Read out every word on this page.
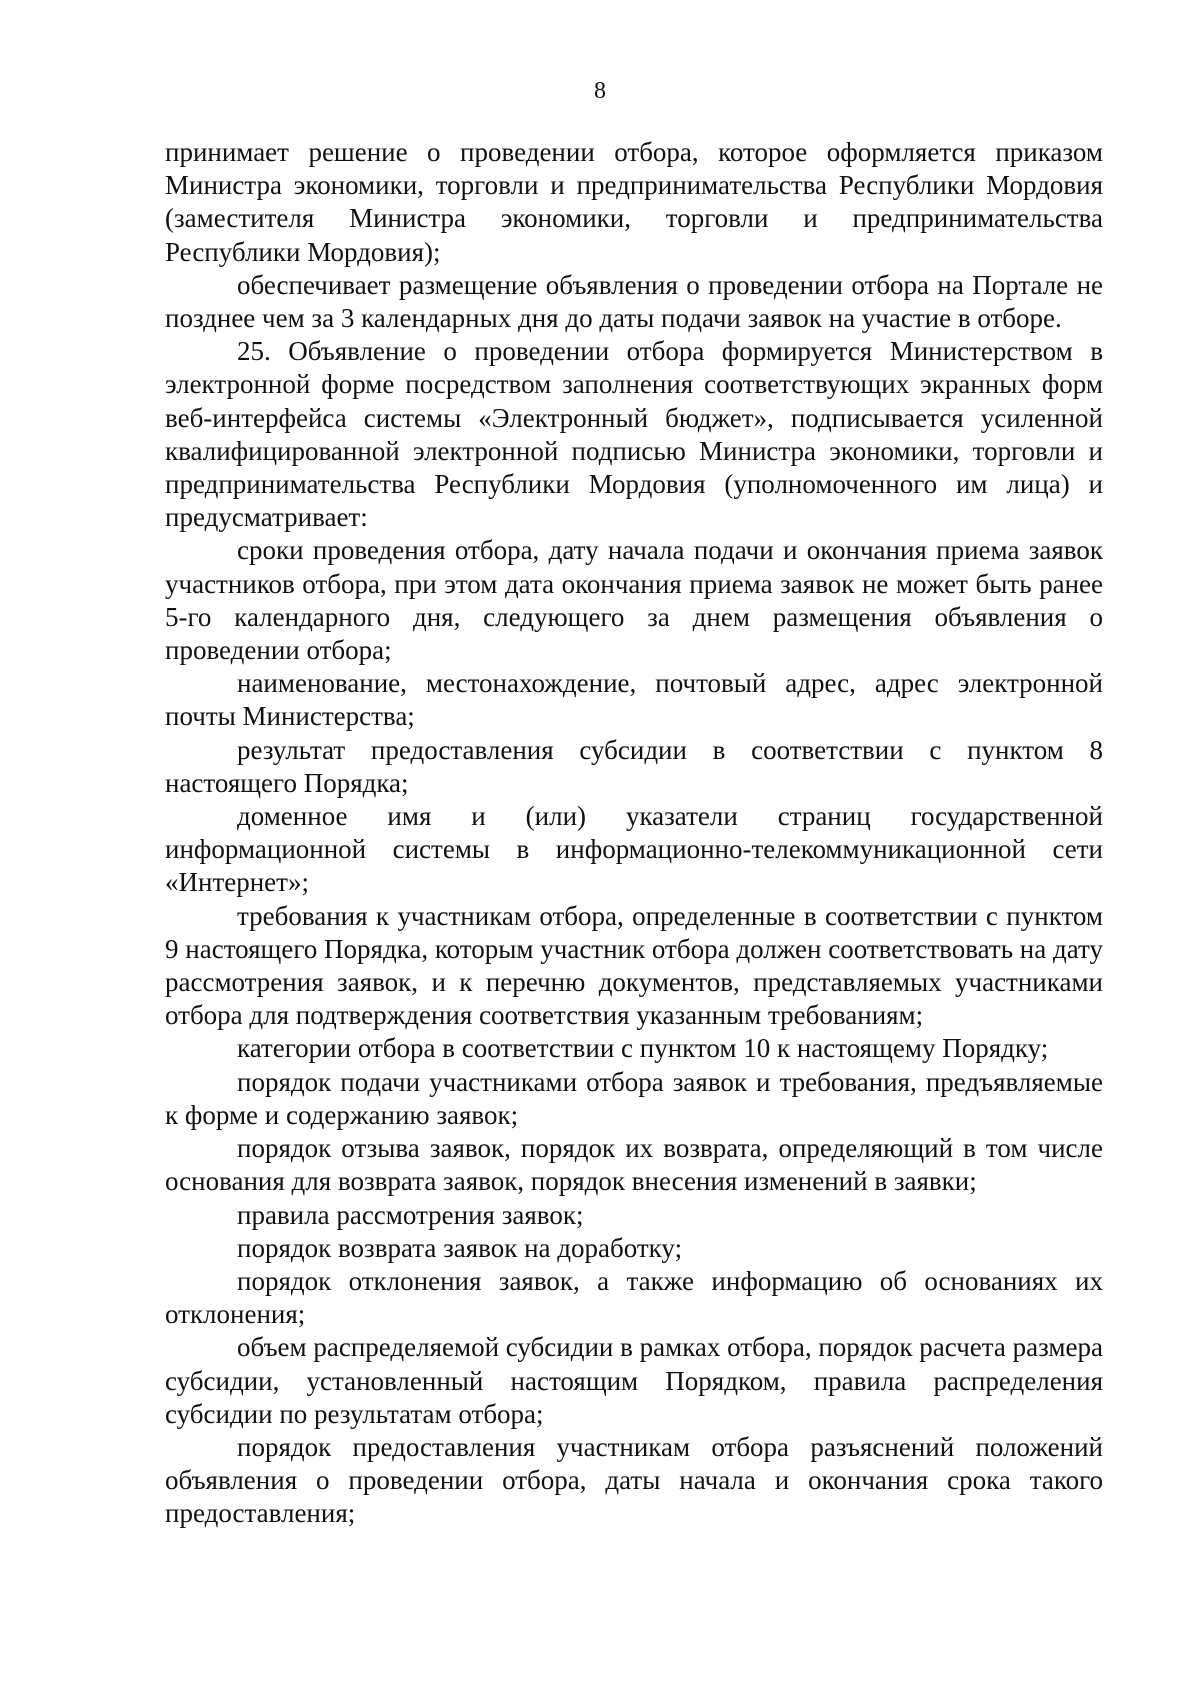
8

принимает решение о проведении отбора, которое оформляется приказом Министра экономики, торговли и предпринимательства Республики Мордовия (заместителя Министра экономики, торговли и предпринимательства Республики Мордовия);

обеспечивает размещение объявления о проведении отбора на Портале не позднее чем за 3 календарных дня до даты подачи заявок на участие в отборе.

25. Объявление о проведении отбора формируется Министерством в электронной форме посредством заполнения соответствующих экранных форм веб-интерфейса системы «Электронный бюджет», подписывается усиленной квалифицированной электронной подписью Министра экономики, торговли и предпринимательства Республики Мордовия (уполномоченного им лица) и предусматривает:

сроки проведения отбора, дату начала подачи и окончания приема заявок участников отбора, при этом дата окончания приема заявок не может быть ранее 5-го календарного дня, следующего за днем размещения объявления о проведении отбора;

наименование, местонахождение, почтовый адрес, адрес электронной почты Министерства;

результат предоставления субсидии в соответствии с пунктом 8 настоящего Порядка;

доменное имя и (или) указатели страниц государственной информационной системы в информационно-телекоммуникационной сети «Интернет»;

требования к участникам отбора, определенные в соответствии с пунктом 9 настоящего Порядка, которым участник отбора должен соответствовать на дату рассмотрения заявок, и к перечню документов, представляемых участниками отбора для подтверждения соответствия указанным требованиям;

категории отбора в соответствии с пунктом 10 к настоящему Порядку;

порядок подачи участниками отбора заявок и требования, предъявляемые к форме и содержанию заявок;

порядок отзыва заявок, порядок их возврата, определяющий в том числе основания для возврата заявок, порядок внесения изменений в заявки;

правила рассмотрения заявок;

порядок возврата заявок на доработку;

порядок отклонения заявок, а также информацию об основаниях их отклонения;

объем распределяемой субсидии в рамках отбора, порядок расчета размера субсидии, установленный настоящим Порядком, правила распределения субсидии по результатам отбора;

порядок предоставления участникам отбора разъяснений положений объявления о проведении отбора, даты начала и окончания срока такого предоставления;
